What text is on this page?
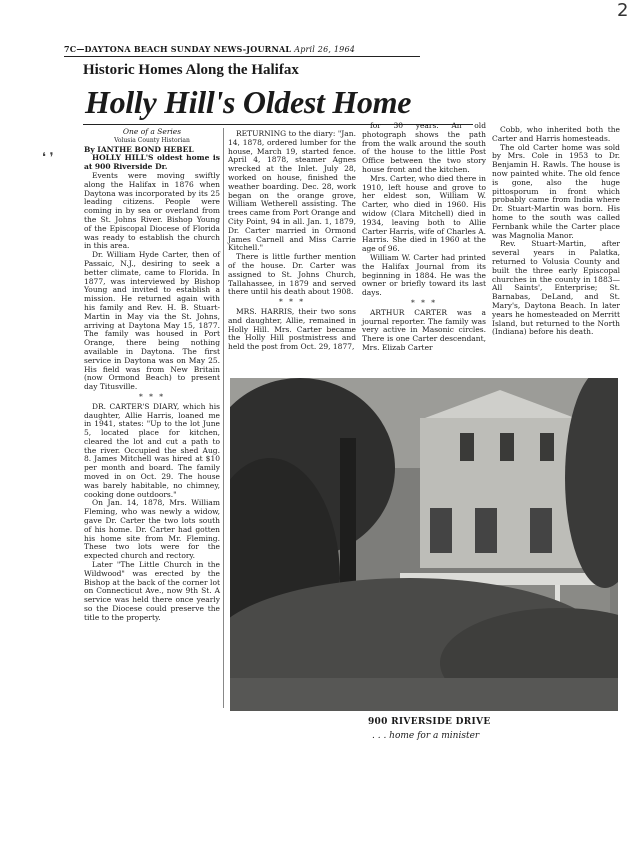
2
7C—DAYTONA BEACH SUNDAY NEWS-JOURNAL April 26, 1964
Historic Homes Along the Halifax
Holly Hill's Oldest Home
❛ ❜

One of a Series

Volusia County Historian

By IANTHE BOND HEBEL

HOLLY HILL'S oldest home is at 900 Riverside Dr.

Events were moving swiftly along the Halifax in 1876 when Daytona was incorporated by its 25 leading citizens. People were coming in by sea or overland from the St. Johns River. Bishop Young of the Episcopal Diocese of Florida was ready to establish the church in this area.

Dr. William Hyde Carter, then of Passaic, N.J., desiring to seek a better climate, came to Florida. In 1877, was interviewed by Bishop Young and invited to establish a mission. He returned again with his family and Rev. H. B. Stuart-Martin in May via the St. Johns, arriving at Daytona May 15, 1877. The family was housed in Port Orange, there being nothing available in Daytona. The first service in Daytona was on May 25. His field was from New Britain (now Ormond Beach) to present day Titusville.

* * *

DR. CARTER'S DIARY, which his daughter, Allie Harris, loaned me in 1941, states: "Up to the lot June 5, located place for kitchen, cleared the lot and cut a path to the river. Occupied the shed Aug. 8. James Mitchell was hired at $10 per month and board. The family moved in on Oct. 29. The house was barely habitable, no chimney, cooking done outdoors."

On Jan. 14, 1878, Mrs. William Fleming, who was newly a widow, gave Dr. Carter the two lots south of his home. Dr. Carter had gotten his home site from Mr. Fleming. These two lots were for the expected church and rectory.

Later "The Little Church in the Wildwood" was erected by the Bishop at the back of the corner lot on Connecticut Ave., now 9th St. A service was held there once yearly so the Diocese could preserve the title to the property.

RETURNING to the diary: "Jan. 14, 1878, ordered lumber for the house, March 19, started fence. April 4, 1878, steamer Agnes wrecked at the Inlet. July 28, worked on house, finished the weather boarding. Dec. 28, work began on the orange grove, William Wetherell assisting. The trees came from Port Orange and City Point, 94 in all. Jan. 1, 1879, Dr. Carter married in Ormond James Carnell and Miss Carrie Kitchell."

There is little further mention of the house. Dr. Carter was assigned to St. Johns Church, Tallahassee, in 1879 and served there until his death about 1908.

* * *

MRS. HARRIS, their two sons and daughter, Allie, remained in Holly Hill. Mrs. Carter became the Holly Hill postmistress and held the post from Oct. 29, 1877,

for 30 years. An old photograph shows the path from the walk around the south of the house to the little Post Office between the two story house front and the kitchen.

Mrs. Carter, who died there in 1910, left house and grove to her eldest son, William W. Carter, who died in 1960. His widow (Clara Mitchell) died in 1934, leaving both to Allie Carter Harris, wife of Charles A. Harris. She died in 1960 at the age of 96.

William W. Carter had printed the Halifax Journal from its beginning in 1884. He was the owner or briefly toward its last days.

* * *

ARTHUR CARTER was a journal reporter. The family was very active in Masonic circles. There is one Carter descendant, Mrs. Elizab Carter

Cobb, who inherited both the Carter and Harris homesteads.

The old Carter home was sold by Mrs. Cole in 1953 to Dr. Benjamin H. Rawls. The house is now painted white. The old fence is gone, also the huge pittosporum in front which probably came from India where Dr. Stuart-Martin was born. His home to the south was called Fernbank while the Carter place was Magnolia Manor.

Rev. Stuart-Martin, after several years in Palatka, returned to Volusia County and built the three early Episcopal churches in the county in 1883—All Saints', Enterprise; St. Barnabas, DeLand, and St. Mary's, Daytona Beach. In later years he homesteaded on Merritt Island, but returned to the North (Indiana) before his death.

900 RIVERSIDE DRIVE
. . . home for a minister
